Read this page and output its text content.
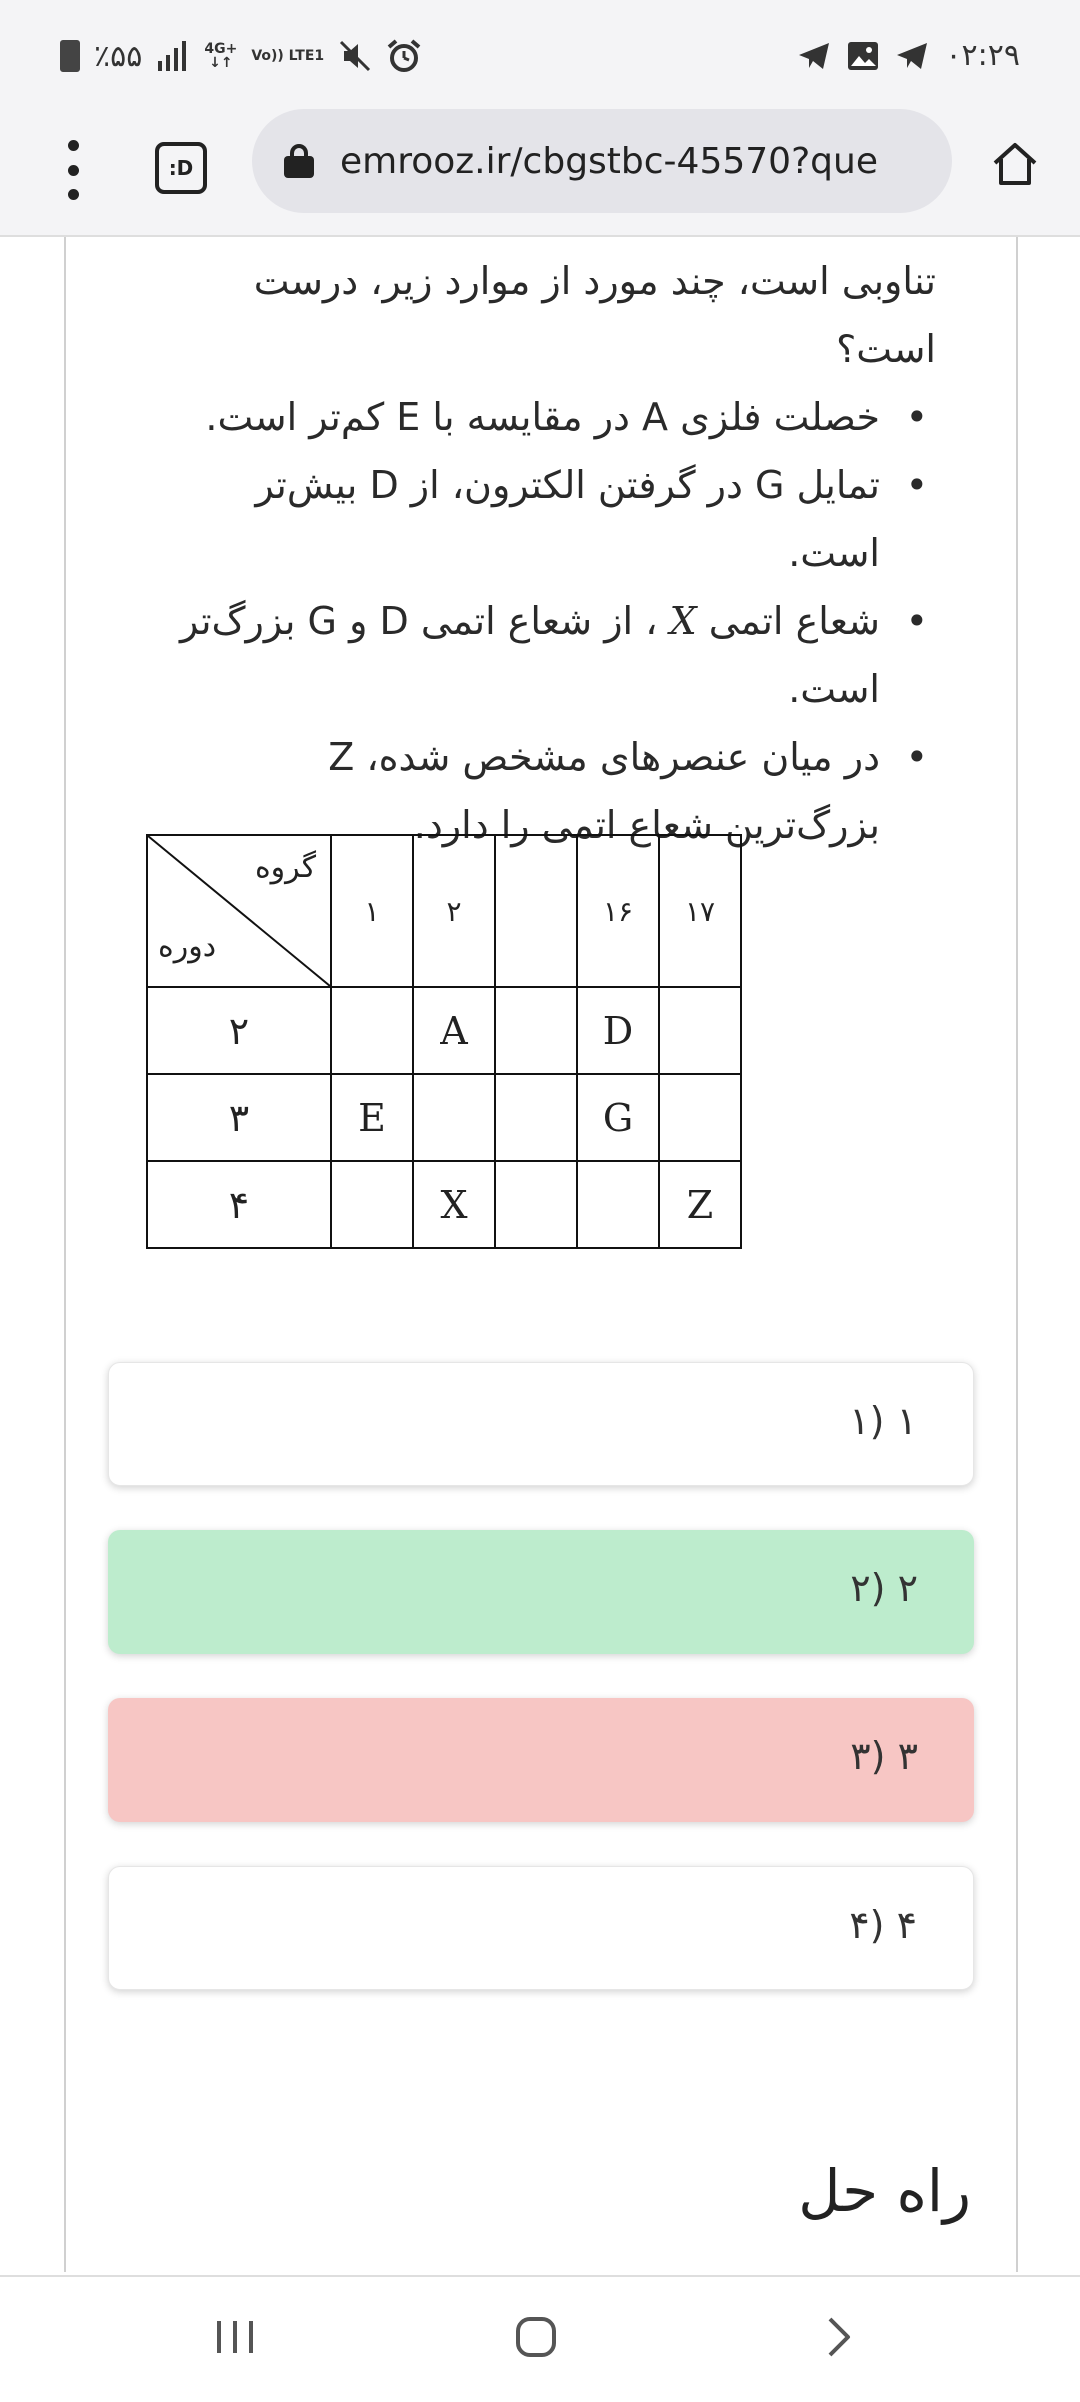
٪۵۵	4G+
↓↑	Vo)) LTE1	۰۲:۲۹
:D	emrooz.ir/cbgstbc-45570?que

تناوبی است، چند مورد از موارد زیر، درست است؟

• خصلت فلزی A در مقایسه با E کم‌تر است.
• تمایل G در گرفتن الکترون، از D بیش‌تر است.
• شعاع اتمی X ، از شعاع اتمی D و G بزرگ‌تر است.
• در میان عنصرهای مشخص شده، Z بزرگ‌ترین شعاع اتمی را دارد.
گروه
دوره	۱	۲		۱۶	۱۷
۲		A		D	
۳	E			G	
۴		X			Z
۱ (۱
۲ (۲
۳ (۳
۴ (۴
راه حل
